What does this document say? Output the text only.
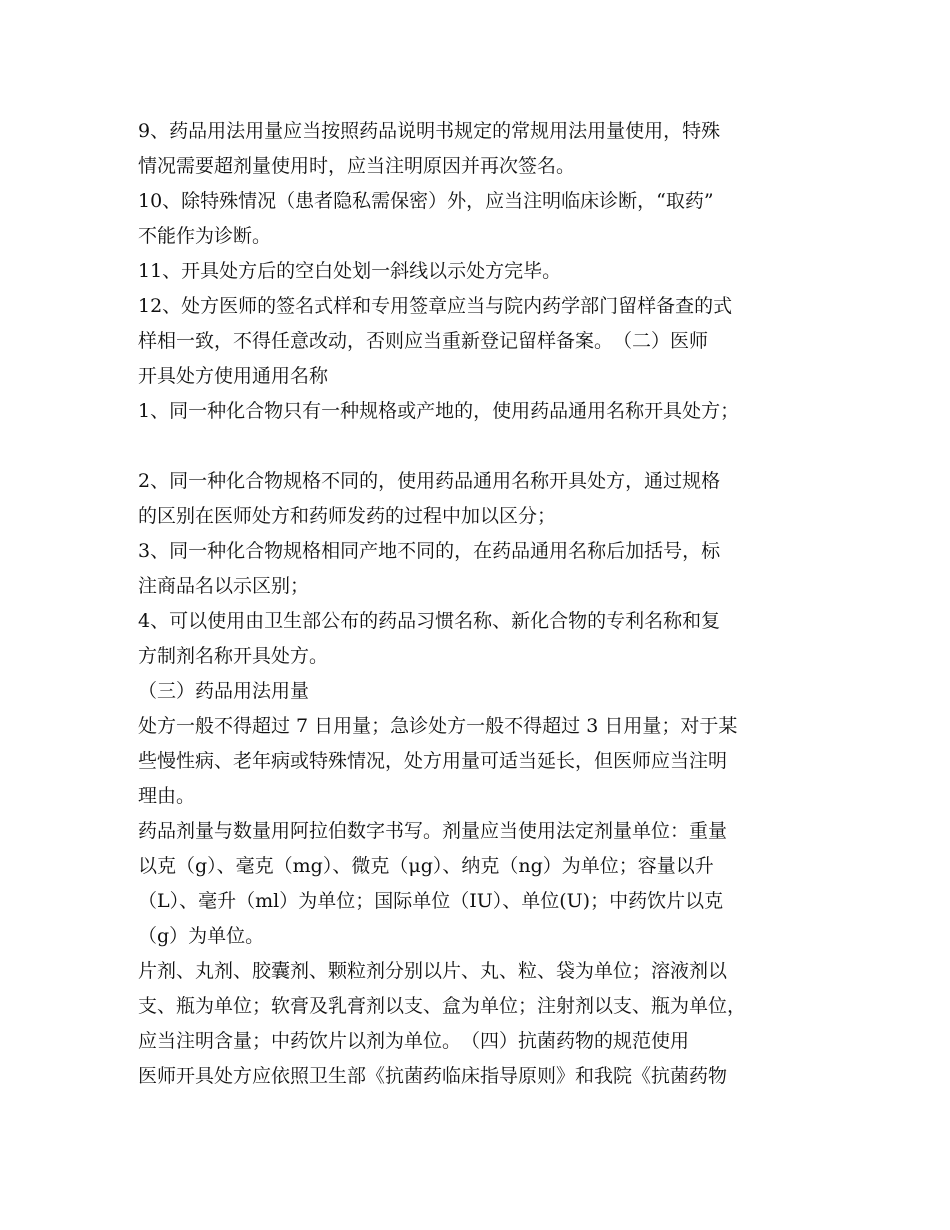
9、药品用法用量应当按照药品说明书规定的常规用法用量使用，特殊
情况需要超剂量使用时，应当注明原因并再次签名。
10、除特殊情况（患者隐私需保密）外，应当注明临床诊断，“取药”
不能作为诊断。
11、开具处方后的空白处划一斜线以示处方完毕。
12、处方医师的签名式样和专用签章应当与院内药学部门留样备查的式
样相一致，不得任意改动，否则应当重新登记留样备案。　（二）医师
开具处方使用通用名称
1、同一种化合物只有一种规格或产地的，使用药品通用名称开具处方；
2、同一种化合物规格不同的，使用药品通用名称开具处方，通过规格
的区别在医师处方和药师发药的过程中加以区分；
3、同一种化合物规格相同产地不同的，在药品通用名称后加括号，标
注商品名以示区别；
4、可以使用由卫生部公布的药品习惯名称、新化合物的专利名称和复
方制剂名称开具处方。
（三）药品用法用量
处方一般不得超过 7 日用量；急诊处方一般不得超过 3 日用量；对于某
些慢性病、老年病或特殊情况，处方用量可适当延长，但医师应当注明
理由。
药品剂量与数量用阿拉伯数字书写。剂量应当使用法定剂量单位：重量
以克（g）、毫克（mg）、微克（μg）、纳克（ng）为单位；容量以升
（L）、毫升（ml）为单位；国际单位（IU）、单位(U)；中药饮片以克
（g）为单位。
片剂、丸剂、胶囊剂、颗粒剂分别以片、丸、粒、袋为单位；溶液剂以
支、瓶为单位；软膏及乳膏剂以支、盒为单位；注射剂以支、瓶为单位，
应当注明含量；中药饮片以剂为单位。　（四）抗菌药物的规范使用
医师开具处方应依照卫生部《抗菌药临床指导原则》和我院《抗菌药物
